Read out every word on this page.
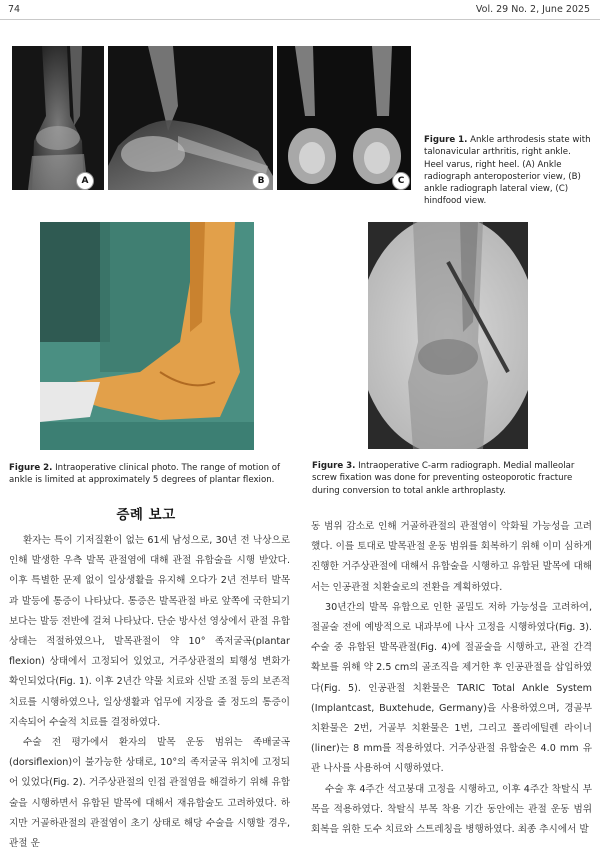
74	Vol. 29 No. 2, June 2025
A	B	C
Figure 1. Ankle arthrodesis state with talonavicular arthritis, right ankle. Heel varus, right heel. (A) Ankle radiograph anteroposterior view, (B) ankle radiograph lateral view, (C) hindfood view.
Figure 2. Intraoperative clinical photo. The range of motion of ankle is limited at approximately 5 degrees of plantar flexion.
Figure 3. Intraoperative C-arm radiograph. Medial malleolar screw fixation was done for preventing osteoporotic fracture during conversion to total ankle arthroplasty.
증례 보고

환자는 특이 기저질환이 없는 61세 남성으로, 30년 전 낙상으로 인해 발생한 우측 발목 관절염에 대해 관절 유합술을 시행 받았다. 이후 특별한 문제 없이 일상생활을 유지해 오다가 2년 전부터 발목과 발등에 통증이 나타났다. 통증은 발목관절 바로 앞쪽에 국한되기보다는 발등 전반에 걸쳐 나타났다. 단순 방사선 영상에서 관절 유합 상태는 적절하였으나, 발목관절이 약 10° 족저굴곡(plantar flexion) 상태에서 고정되어 있었고, 거주상관절의 퇴행성 변화가 확인되었다(Fig. 1). 이후 2년간 약물 치료와 신발 조절 등의 보존적 치료를 시행하였으나, 일상생활과 업무에 지장을 줄 정도의 통증이 지속되어 수술적 치료를 결정하였다.

수술 전 평가에서 환자의 발목 운동 범위는 족배굴곡(dorsiflexion)이 불가능한 상태로, 10°의 족저굴곡 위치에 고정되어 있었다(Fig. 2). 거주상관절의 인접 관절염을 해결하기 위해 유합술을 시행하면서 유합된 발목에 대해서 재유합술도 고려하였다. 하지만 거골하관절의 관절염이 초기 상태로 해당 수술을 시행할 경우, 관절 운

동 범위 감소로 인해 거골하관절의 관절염이 악화될 가능성을 고려했다. 이를 토대로 발목관절 운동 범위를 회복하기 위해 이미 심하게 진행한 거주상관절에 대해서 유합술을 시행하고 유합된 발목에 대해서는 인공관절 치환술로의 전환을 계획하였다.

30년간의 발목 유합으로 인한 골밀도 저하 가능성을 고려하여, 절골술 전에 예방적으로 내과부에 나사 고정을 시행하였다(Fig. 3). 수술 중 유합된 발목관절(Fig. 4)에 절골술을 시행하고, 관절 간격 확보를 위해 약 2.5 cm의 골조직을 제거한 후 인공관절을 삽입하였다(Fig. 5). 인공관절 치환물은 TARIC Total Ankle System (Implantcast, Buxtehude, Germany)을 사용하였으며, 경골부 치환물은 2번, 거골부 치환물은 1번, 그리고 폴리에틸렌 라이너(liner)는 8 mm를 적용하였다. 거주상관절 유합술은 4.0 mm 유관 나사를 사용하여 시행하였다.

수술 후 4주간 석고붕대 고정을 시행하고, 이후 4주간 착탈식 부목을 적용하였다. 착탈식 부목 착용 기간 동안에는 관절 운동 범위 회복을 위한 도수 치료와 스트레칭을 병행하였다. 최종 추시에서 발
